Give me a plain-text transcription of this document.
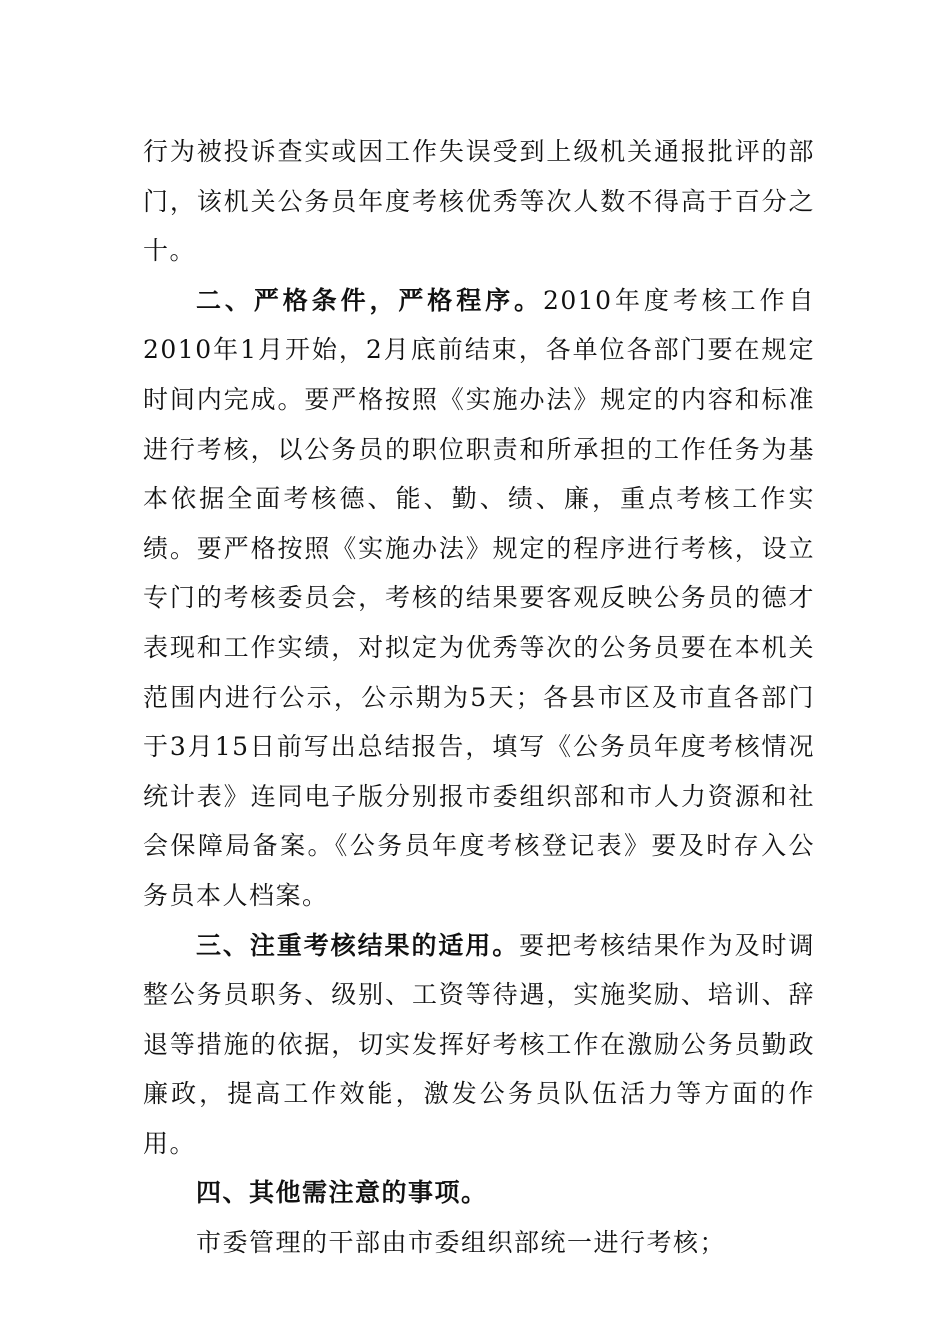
行为被投诉查实或因工作失误受到上级机关通报批评的部门，该机关公务员年度考核优秀等次人数不得高于百分之十。

二、严格条件，严格程序。2010年度考核工作自2010年1月开始，2月底前结束，各单位各部门要在规定时间内完成。要严格按照《实施办法》规定的内容和标准进行考核，以公务员的职位职责和所承担的工作任务为基本依据全面考核德、能、勤、绩、廉，重点考核工作实绩。要严格按照《实施办法》规定的程序进行考核，设立专门的考核委员会，考核的结果要客观反映公务员的德才表现和工作实绩，对拟定为优秀等次的公务员要在本机关范围内进行公示，公示期为5天；各县市区及市直各部门于3月15日前写出总结报告，填写《公务员年度考核情况统计表》连同电子版分别报市委组织部和市人力资源和社会保障局备案。《公务员年度考核登记表》要及时存入公务员本人档案。

三、注重考核结果的适用。要把考核结果作为及时调整公务员职务、级别、工资等待遇，实施奖励、培训、辞退等措施的依据，切实发挥好考核工作在激励公务员勤政廉政，提高工作效能，激发公务员队伍活力等方面的作用。

四、其他需注意的事项。

市委管理的干部由市委组织部统一进行考核；
